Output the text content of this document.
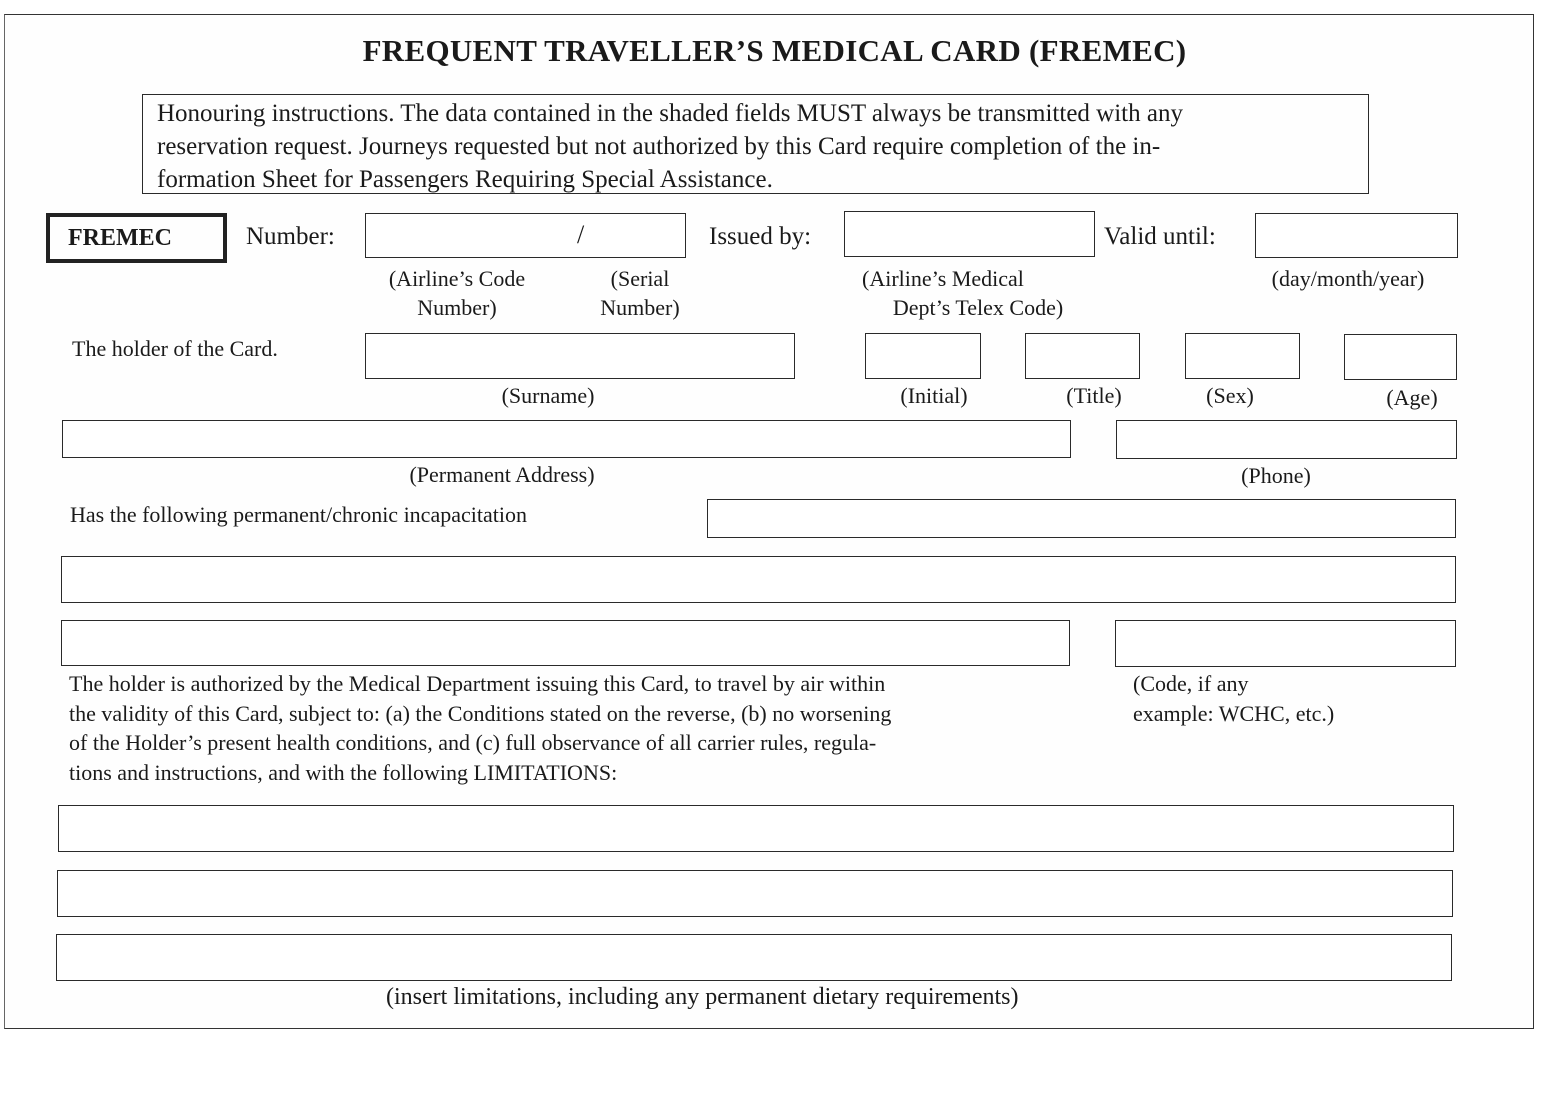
FREQUENT TRAVELLER’S MEDICAL CARD (FREMEC)
Honouring instructions. The data contained in the shaded fields MUST always be transmitted with any
reservation request. Journeys requested but not authorized by this Card require completion of the in-
formation Sheet for Passengers Requiring Special Assistance.
FREMEC	Number:	/	Issued by:	Valid until:
(Airline’s Code
Number)
(Serial
Number)
(Airline’s Medical
Dept’s Telex Code)
(day/month/year)
The holder of the Card.
(Surname)	(Initial)	(Title)	(Sex)	(Age)
(Permanent Address)	(Phone)
Has the following permanent/chronic incapacitation
(Code, if any
example: WCHC, etc.)
The holder is authorized by the Medical Department issuing this Card, to travel by air within
the validity of this Card, subject to: (a) the Conditions stated on the reverse, (b) no worsening
of the Holder’s present health conditions, and (c) full observance of all carrier rules, regula-
tions and instructions, and with the following LIMITATIONS:
(insert limitations, including any permanent dietary requirements)
